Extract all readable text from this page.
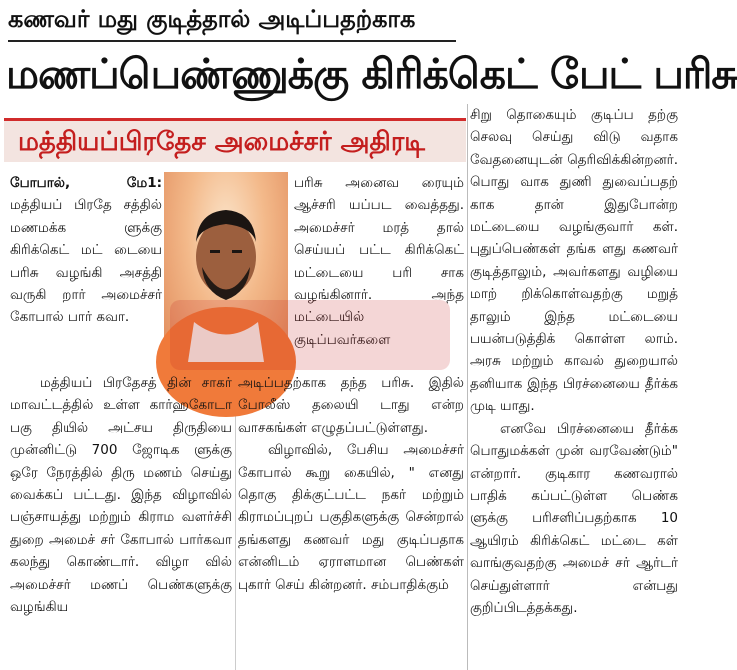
கணவர் மது குடித்தால் அடிப்பதற்காக
மணப்பெண்ணுக்கு கிரிக்கெட் பேட் பரிசு
மத்தியப்பிரதேச அமைச்சர் அதிரடி

போபால், மே1: மத்தியப் பிரதே சத்தில் மணமக்க ளுக்கு கிரிக்கெட் மட் டையை பரிசு வழங்கி அசத்தி வருகி றார் அமைச்சர் கோபால் பார் கவா.

பரிசு அனைவ ரையும் ஆச்சரி யப்பட வைத்தது. அமைச்சர் மரத் தால் செய்யப் பட்ட கிரிக்கெட் மட்டையை பரி சாக வழங்கினார். அந்த மட்டையில் குடிப்பவர்களை

மத்தியப் பிரதேசத் தின் சாகர் மாவட்டத்தில் உள்ள கார்ஹகோடா பகு தியில் அட்சய திருதியை முன்னிட்டு 700 ஜோடிக ளுக்கு ஒரே நேரத்தில் திரு மணம் செய்து வைக்கப் பட்டது. இந்த விழாவில் பஞ்சாயத்து மற்றும் கிராம வளர்ச்சி துறை அமைச் சர் கோபால் பார்கவா கலந்து கொண்டார். விழா வில் அமைச்சர் மணப் பெண்களுக்கு வழங்கிய

அடிப்பதற்காக தந்த பரிசு. இதில் போலீஸ் தலையி டாது என்ற வாசகங்கள் எழுதப்பட்டுள்ளது.

விழாவில், பேசிய அமைச்சர் கோபால் கூறு கையில், " எனது தொகு திக்குட்பட்ட நகர் மற்றும் கிராமப்புறப் பகுதிகளுக்கு சென்றால் தங்களது கணவர் மது குடிப்பதாக என்னிடம் ஏராளமான பெண்கள் புகார் செய் கின்றனர். சம்பாதிக்கும்

சிறு தொகையும் குடிப்ப தற்கு செலவு செய்து விடு வதாக வேதனையுடன் தெரிவிக்கின்றனர். பொது வாக துணி துவைப்பதற் காக தான் இதுபோன்ற மட்டையை வழங்குவார் கள். புதுப்பெண்கள் தங்க ளது கணவர் குடித்தாலும், அவர்களது வழியை மாற் றிக்கொள்வதற்கு மறுத் தாலும் இந்த மட்டையை பயன்படுத்திக் கொள்ள லாம். அரசு மற்றும் காவல் துறையால் தனியாக இந்த பிரச்னையை தீர்க்க முடி யாது.

எனவே பிரச்னையை தீர்க்க பொதுமக்கள் முன் வரவேண்டும்" என்றார். குடிகார கணவரால் பாதிக் கப்பட்டுள்ள பெண்க ளுக்கு பரிசளிப்பதற்காக 10 ஆயிரம் கிரிக்கெட் மட்டை கள் வாங்குவதற்கு அமைச் சர் ஆர்டர் செய்துள்ளார் என்பது குறிப்பிடத்தக்கது.
